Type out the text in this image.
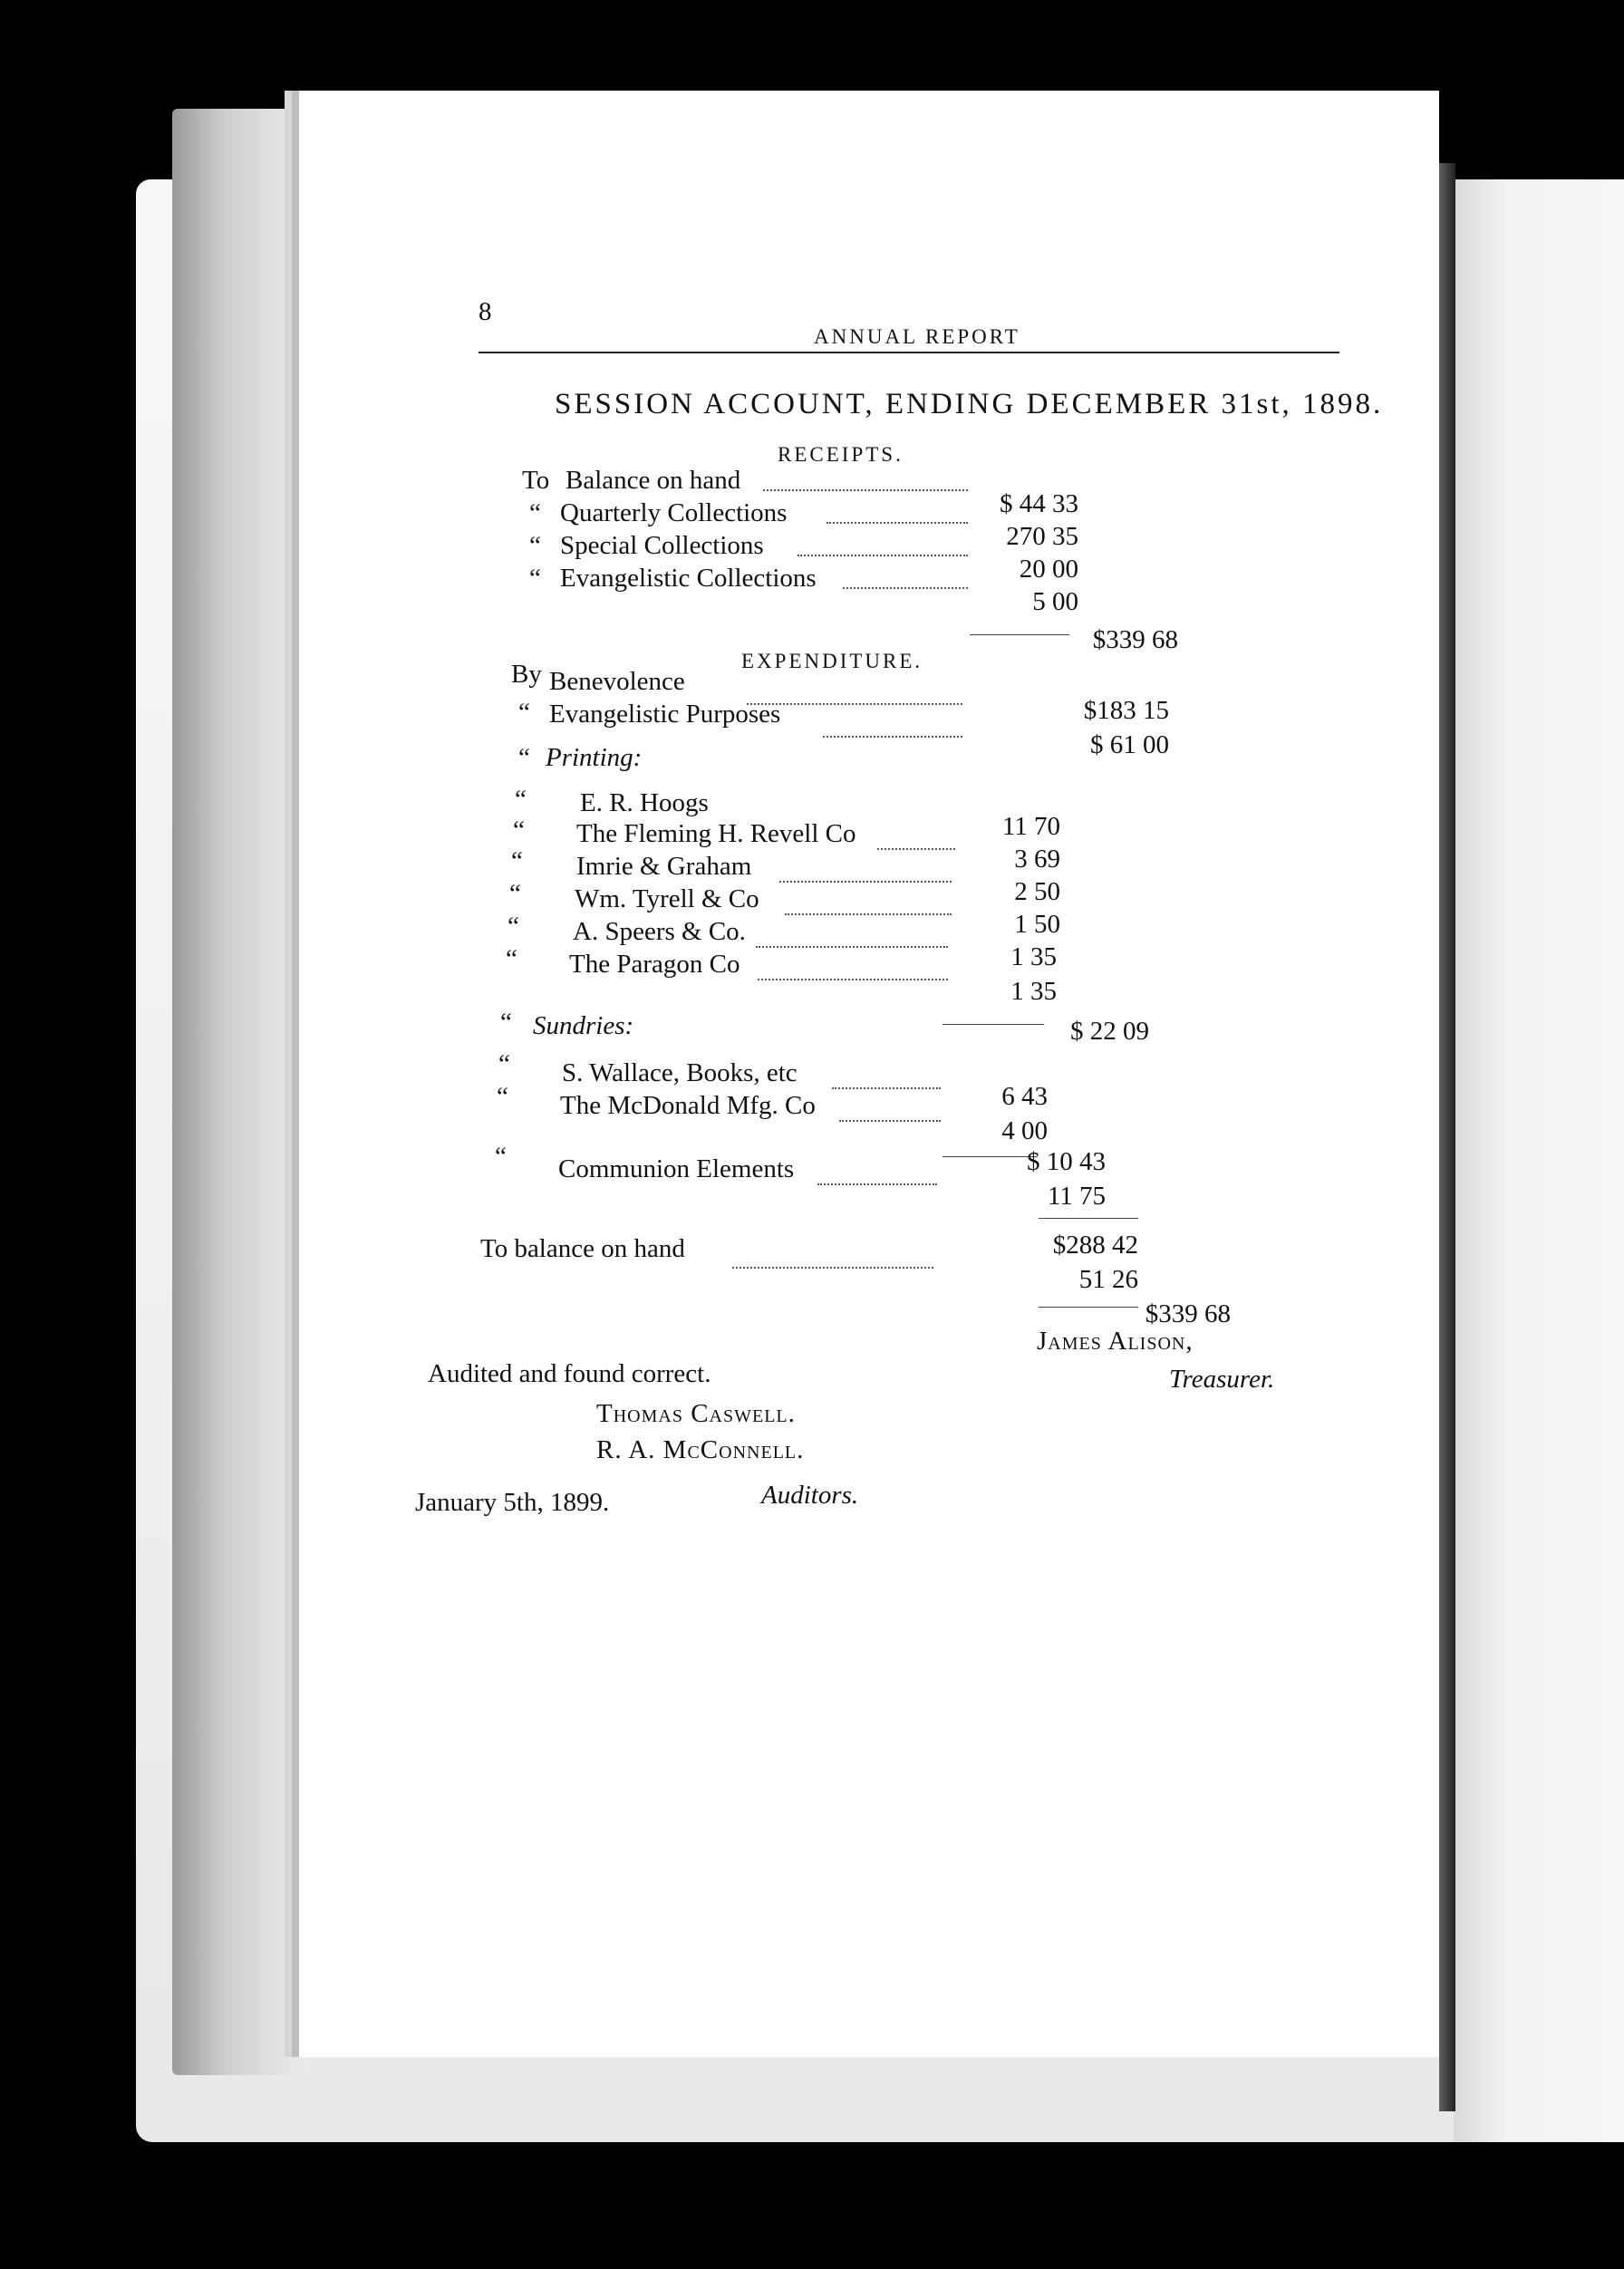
8
ANNUAL REPORT
SESSION ACCOUNT, ENDING DECEMBER 31st, 1898.
RECEIPTS.
To Balance on hand
$ 44 33
“ Quarterly Collections
270 35
“ Special Collections
20 00
“ Evangelistic Collections
5 00
$339 68
EXPENDITURE.
By Benevolence
$183 15
“ Evangelistic Purposes
$ 61 00
“ Printing:
“ E. R. Hoogs
11 70
“ The Fleming H. Revell Co
3 69
“ Imrie & Graham
2 50
“ Wm. Tyrell & Co
1 50
“ A. Speers & Co.
1 35
“ The Paragon Co
1 35
$ 22 09
“ Sundries:
“ S. Wallace, Books, etc
6 43
“ The McDonald Mfg. Co
4 00
$ 10 43
“ Communion Elements
11 75
$288 42
To balance on hand
51 26
$339 68
James Alison,
Treasurer.
Audited and found correct.
Thomas Caswell.
R. A. McConnell.
Auditors.
January 5th, 1899.
